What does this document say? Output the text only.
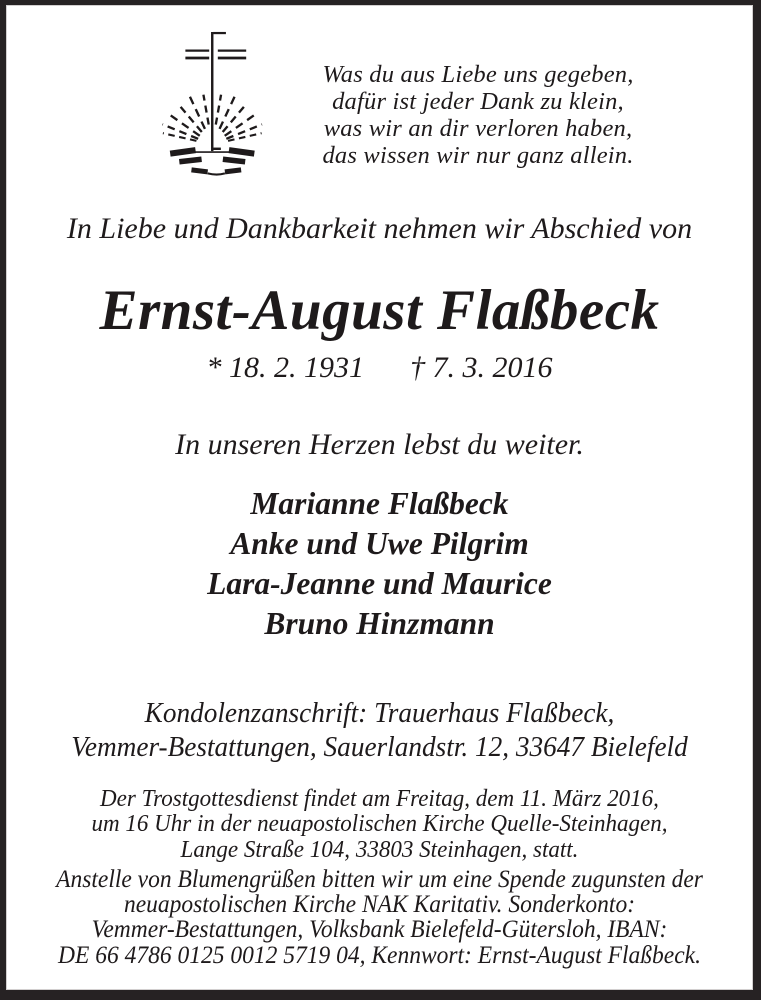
Was du aus Liebe uns gegeben,
dafür ist jeder Dank zu klein,
was wir an dir verloren haben,
das wissen wir nur ganz allein.
In Liebe und Dankbarkeit nehmen wir Abschied von
Ernst-August Flaßbeck
* 18. 2. 1931 † 7. 3. 2016
In unseren Herzen lebst du weiter.
Marianne Flaßbeck
Anke und Uwe Pilgrim
Lara-Jeanne und Maurice
Bruno Hinzmann
Kondolenzanschrift: Trauerhaus Flaßbeck,
Vemmer-Bestattungen, Sauerlandstr. 12, 33647 Bielefeld
Der Trostgottesdienst findet am Freitag, dem 11. März 2016,
um 16 Uhr in der neuapostolischen Kirche Quelle-Steinhagen,
Lange Straße 104, 33803 Steinhagen, statt.
Anstelle von Blumengrüßen bitten wir um eine Spende zugunsten der
neuapostolischen Kirche NAK Karitativ. Sonderkonto:
Vemmer-Bestattungen, Volksbank Bielefeld-Gütersloh, IBAN:
DE 66 4786 0125 0012 5719 04, Kennwort: Ernst-August Flaßbeck.
